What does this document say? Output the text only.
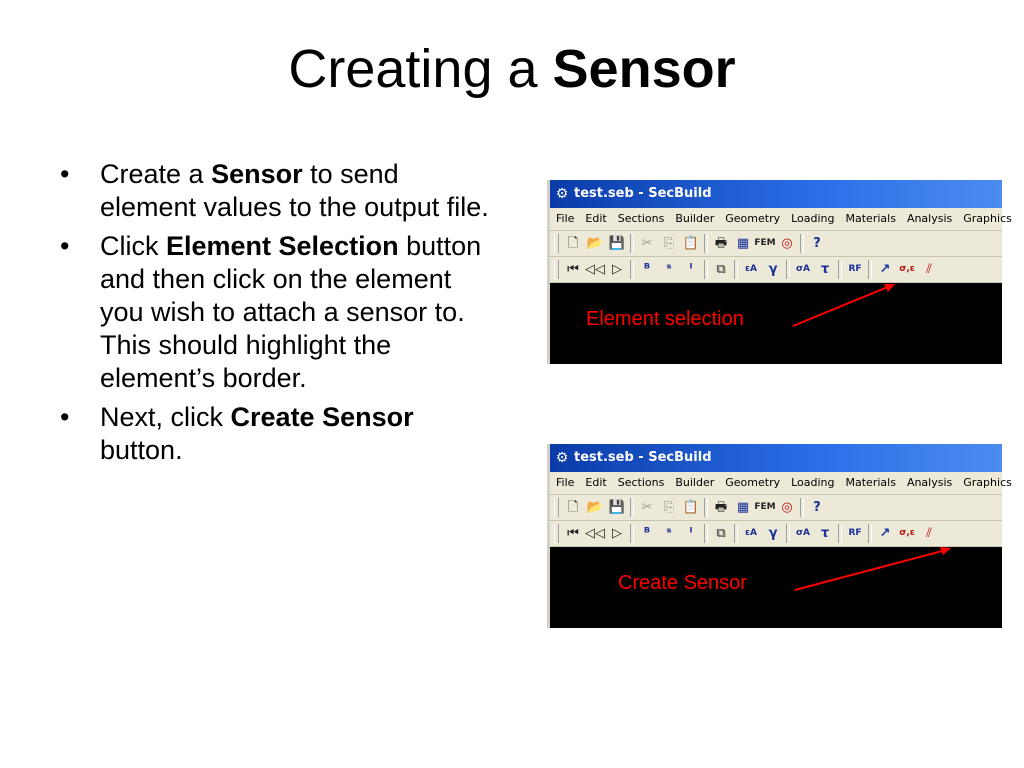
Creating a Sensor
• Create a Sensor to send element values to the output file.
• Click Element Selection button and then click on the element you wish to attach a sensor to. This should highlight the element’s border.
• Next, click Create Sensor button.
⚙ test.seb - SecBuild
File Edit Sections Builder Geometry Loading Materials Analysis Graphics
🗋 📂 💾 ✂ ⎘ 📋 🖶 ▦ FEM ◎ ?
⏮ ◁◁ ▷ ᴮ ˢ ᴵ ⧉ εA γ σA τ RF ↗ σ,ε ⫽
Element selection
⚙ test.seb - SecBuild
File Edit Sections Builder Geometry Loading Materials Analysis Graphics
🗋 📂 💾 ✂ ⎘ 📋 🖶 ▦ FEM ◎ ?
⏮ ◁◁ ▷ ᴮ ˢ ᴵ ⧉ εA γ σA τ RF ↗ σ,ε ⫽
Create Sensor
